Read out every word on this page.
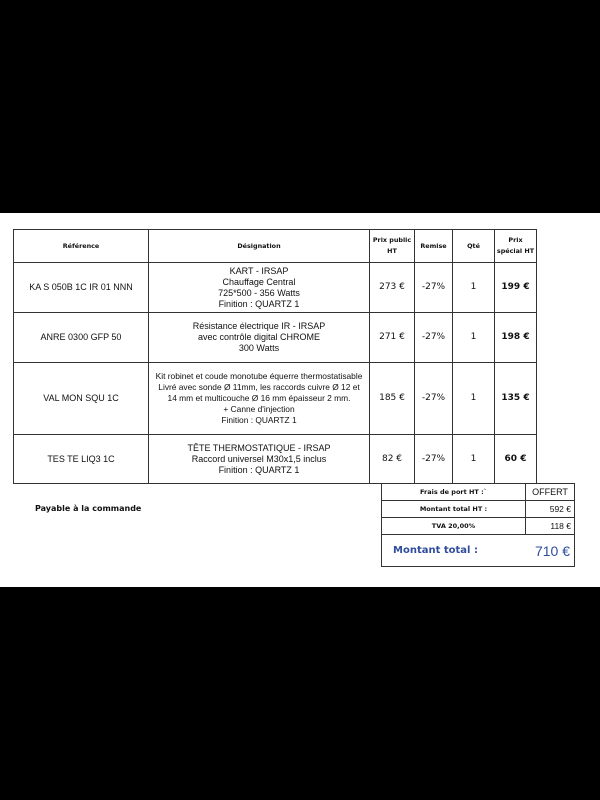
Référence	Désignation	Prix public HT	Remise	Qté	Prix spécial HT
KA S 050B 1C IR 01 NNN	KART - IRSAP
Chauffage Central
725*500 - 356 Watts
Finition : QUARTZ 1	273 €	-27%	1	199 €
ANRE 0300 GFP 50	Résistance électrique IR - IRSAP
avec contrôle digital CHROME
300 Watts	271 €	-27%	1	198 €
VAL MON SQU 1C	Kit robinet et coude monotube équerre thermostatisable
Livré avec sonde Ø 11mm, les raccords cuivre Ø 12 et
14 mm et multicouche Ø 16 mm épaisseur 2 mm.
+ Canne d'injection
Finition : QUARTZ 1	185 €	-27%	1	135 €
TES TE LIQ3 1C	TÊTE THERMOSTATIQUE - IRSAP
Raccord universel M30x1,5 inclus
Finition : QUARTZ 1	82 €	-27%	1	60 €
Payable à la commande
Frais de port HT :`	OFFERT
Montant total HT :	592 €
TVA 20,00%	118 €
Montant total :	710 €
